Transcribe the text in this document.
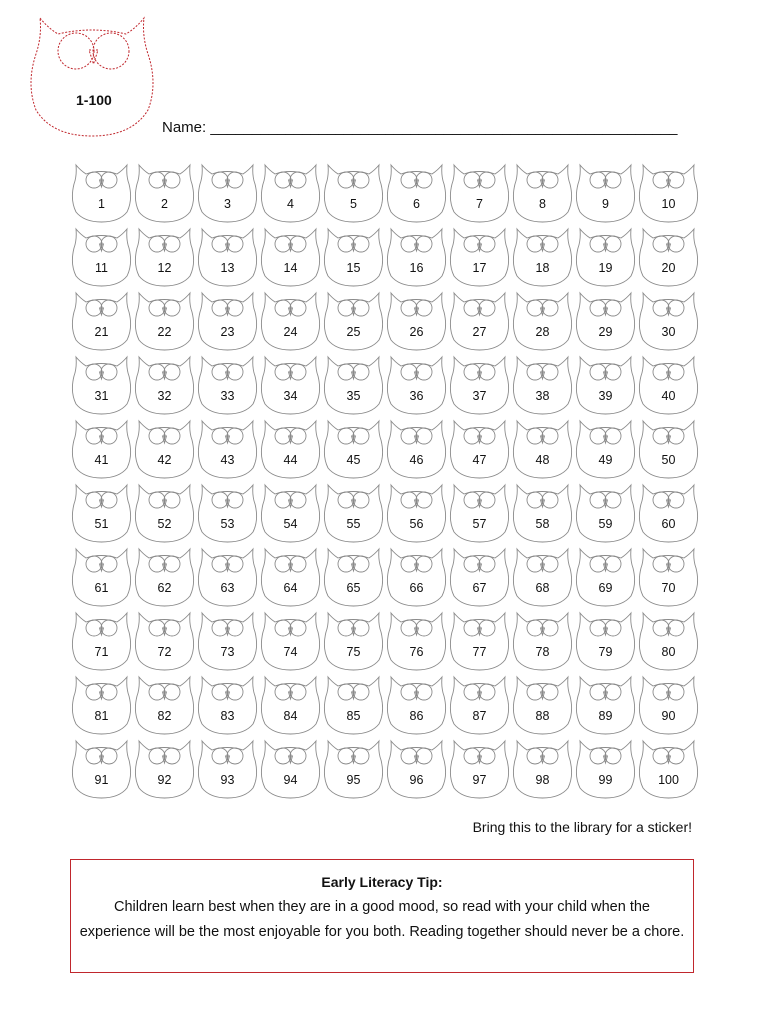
1-100
Name: ________________________________________________________
1	2	3	4	5	6	7	8	9	10
11	12	13	14	15	16	17	18	19	20
21	22	23	24	25	26	27	28	29	30
31	32	33	34	35	36	37	38	39	40
41	42	43	44	45	46	47	48	49	50
51	52	53	54	55	56	57	58	59	60
61	62	63	64	65	66	67	68	69	70
71	72	73	74	75	76	77	78	79	80
81	82	83	84	85	86	87	88	89	90
91	92	93	94	95	96	97	98	99	100
Bring this to the library for a sticker!
Early Literacy Tip:
Children learn best when they are in a good mood, so read with your child when the experience will be the most enjoyable for you both. Reading together should never be a chore.
